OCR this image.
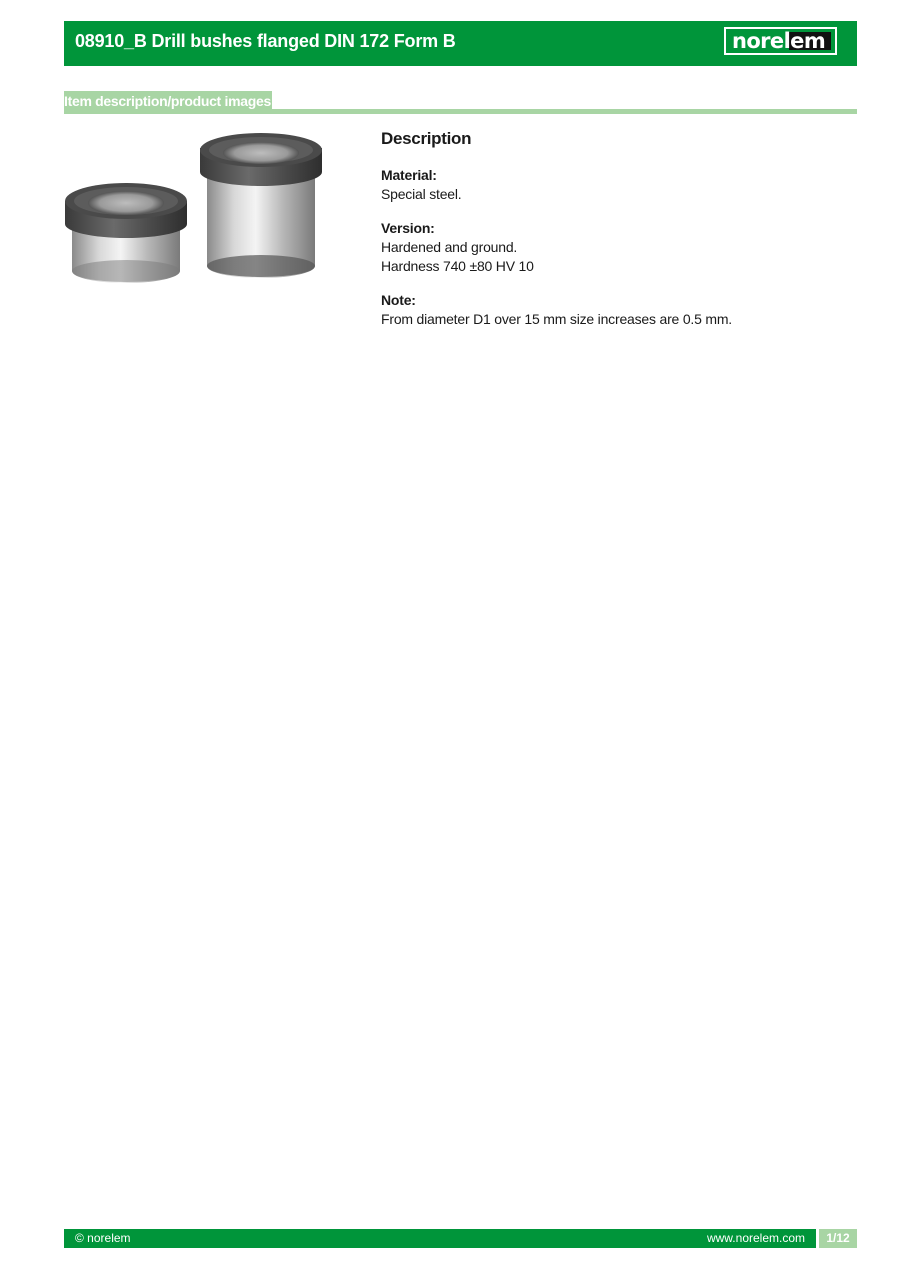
08910_B Drill bushes flanged DIN 172 Form B	norelem
Item description/product images
Description
Material:
Special steel.
Version:
Hardened and ground.
Hardness 740 ±80 HV 10
Note:
From diameter D1 over 15 mm size increases are 0.5 mm.
© norelem	www.norelem.com	1/12
